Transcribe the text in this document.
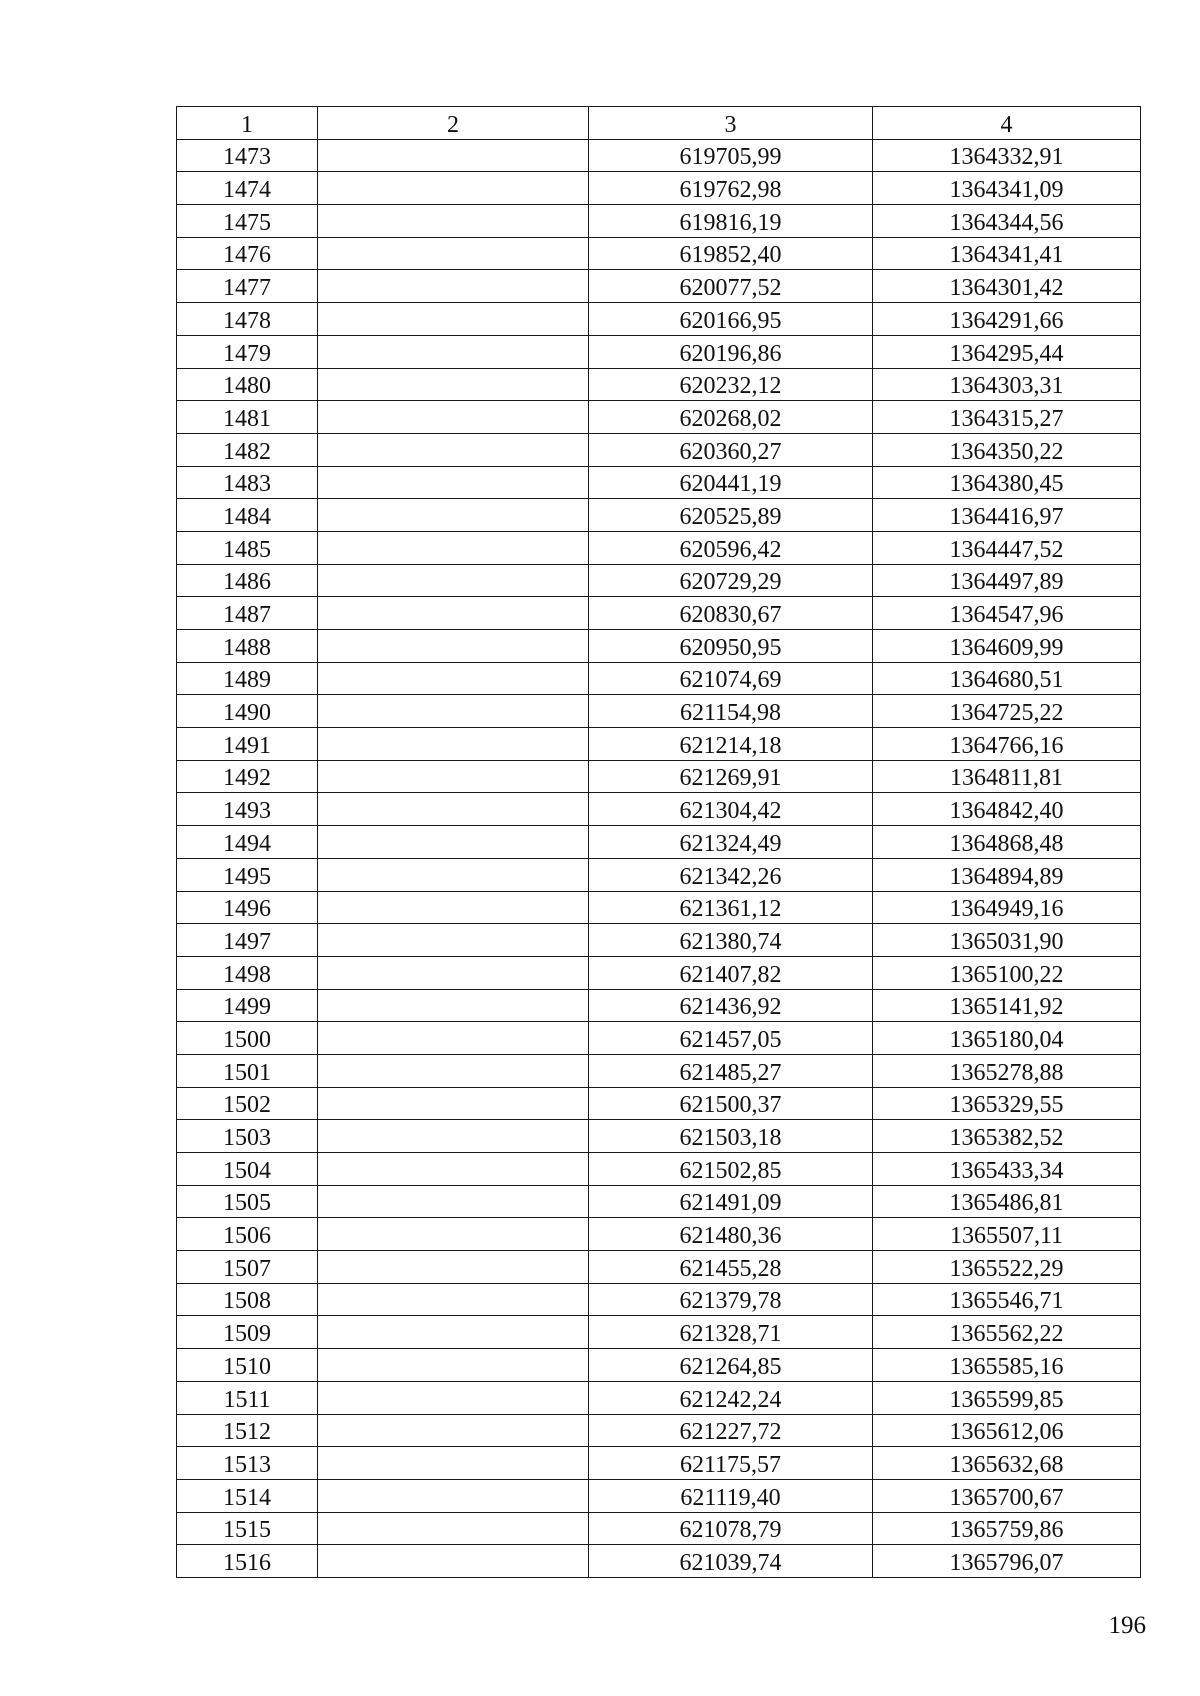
1	2	3	4
1473		619705,99	1364332,91
1474		619762,98	1364341,09
1475		619816,19	1364344,56
1476		619852,40	1364341,41
1477		620077,52	1364301,42
1478		620166,95	1364291,66
1479		620196,86	1364295,44
1480		620232,12	1364303,31
1481		620268,02	1364315,27
1482		620360,27	1364350,22
1483		620441,19	1364380,45
1484		620525,89	1364416,97
1485		620596,42	1364447,52
1486		620729,29	1364497,89
1487		620830,67	1364547,96
1488		620950,95	1364609,99
1489		621074,69	1364680,51
1490		621154,98	1364725,22
1491		621214,18	1364766,16
1492		621269,91	1364811,81
1493		621304,42	1364842,40
1494		621324,49	1364868,48
1495		621342,26	1364894,89
1496		621361,12	1364949,16
1497		621380,74	1365031,90
1498		621407,82	1365100,22
1499		621436,92	1365141,92
1500		621457,05	1365180,04
1501		621485,27	1365278,88
1502		621500,37	1365329,55
1503		621503,18	1365382,52
1504		621502,85	1365433,34
1505		621491,09	1365486,81
1506		621480,36	1365507,11
1507		621455,28	1365522,29
1508		621379,78	1365546,71
1509		621328,71	1365562,22
1510		621264,85	1365585,16
1511		621242,24	1365599,85
1512		621227,72	1365612,06
1513		621175,57	1365632,68
1514		621119,40	1365700,67
1515		621078,79	1365759,86
1516		621039,74	1365796,07
196
